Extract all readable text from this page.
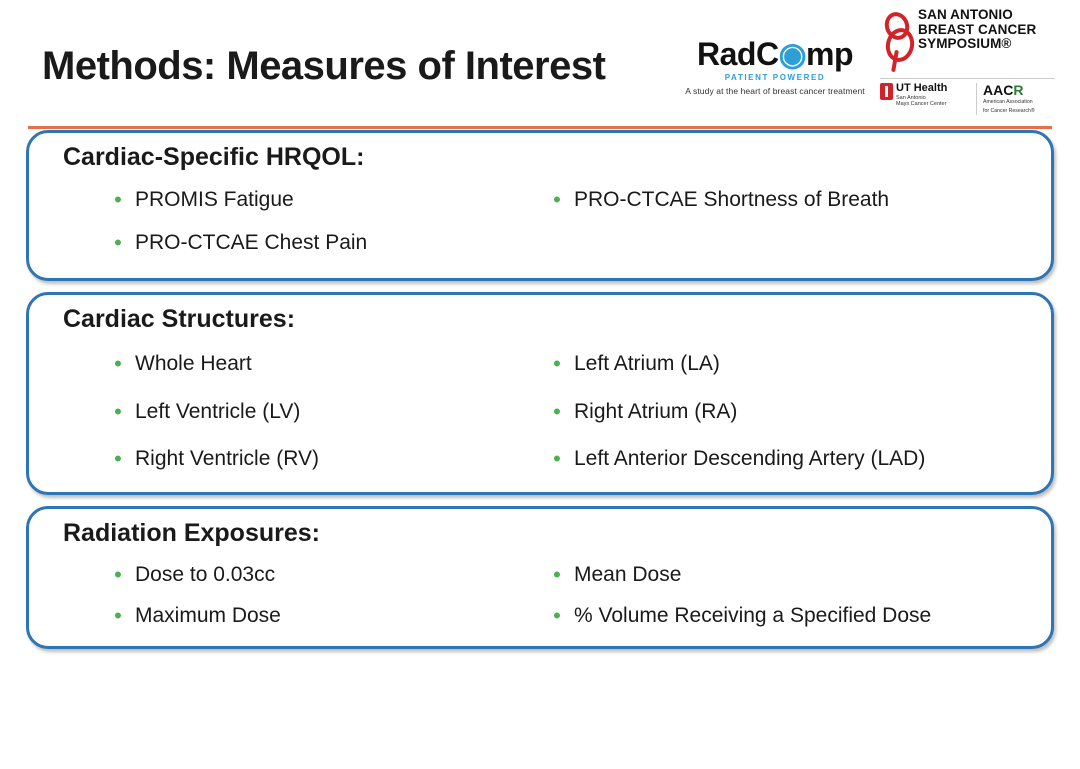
Methods: Measures of Interest	RadC◉mp
PATIENT POWERED
A study at the heart of breast cancer treatment
SAN ANTONIO
BREAST CANCER
SYMPOSIUM®
UT Health
San Antonio
Mays Cancer Center
AACR
American Association
for Cancer Research®
Cardiac-Specific HRQOL:
• PROMIS Fatigue
• PRO-CTCAE Chest Pain
• PRO-CTCAE Shortness of Breath
Cardiac Structures:
• Whole Heart
• Left Ventricle (LV)
• Right Ventricle (RV)
• Left Atrium (LA)
• Right Atrium (RA)
• Left Anterior Descending Artery (LAD)
Radiation Exposures:
• Dose to 0.03cc
• Maximum Dose
• Mean Dose
• % Volume Receiving a Specified Dose
